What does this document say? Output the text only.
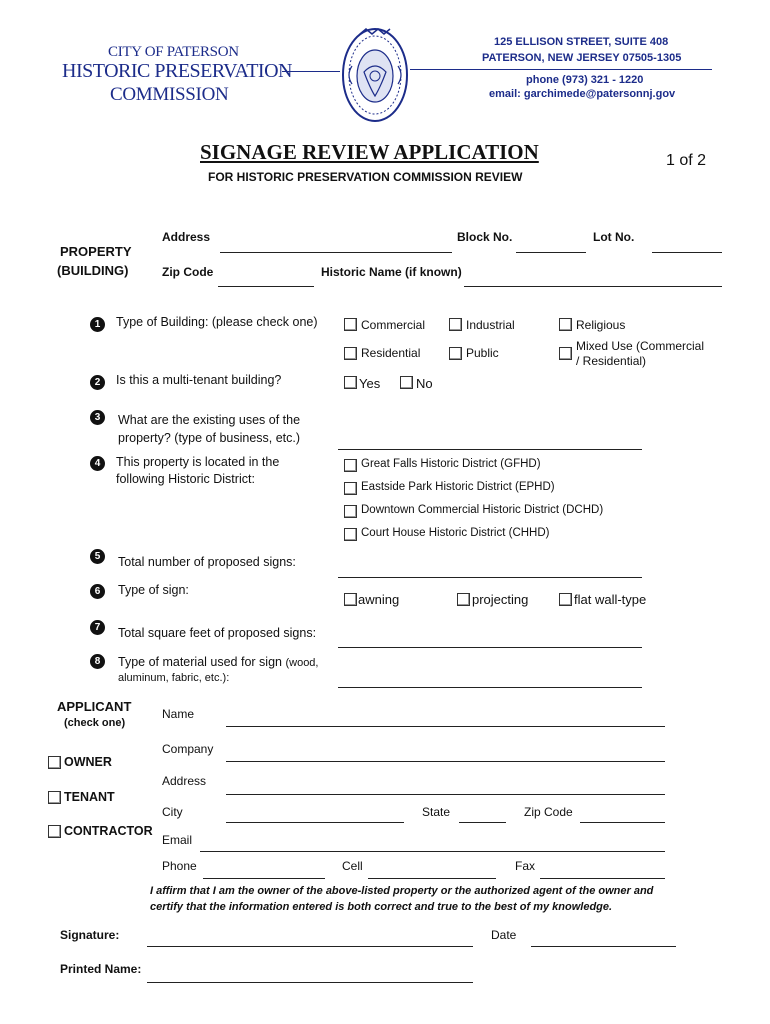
CITY OF PATERSON
HISTORIC PRESERVATION
COMMISSION
125 ELLISON STREET, SUITE 408
PATERSON, NEW JERSEY 07505-1305
phone (973) 321 - 1220
email: garchimede@patersonnj.gov
SIGNAGE REVIEW APPLICATION
FOR HISTORIC PRESERVATION COMMISSION REVIEW
1 of 2
PROPERTY
(BUILDING)
Address	Block No.	Lot No.
Zip Code	Historic Name (if known)
1	Type of Building: (please check one)	Commercial	Industrial	Religious
Residential	Public	Mixed Use (Commercial
/ Residential)
2	Is this a multi-tenant building?	Yes	No
3	What are the existing uses of the
property? (type of business, etc.)
4	This property is located in the
following Historic District:
Great Falls Historic District (GFHD)
Eastside Park Historic District (EPHD)
Downtown Commercial Historic District (DCHD)
Court House Historic District (CHHD)
5	Total number of proposed signs:
6	Type of sign:
awning	projecting	flat wall-type
7	Total square feet of proposed signs:
8	Type of material used for sign (wood,
aluminum, fabric, etc.):
APPLICANT
(check one)
OWNER
TENANT
CONTRACTOR
Name
Company
Address
City	State	Zip Code
Email
Phone	Cell	Fax
I affirm that I am the owner of the above-listed property or the authorized agent of the owner and
certify that the information entered is both correct and true to the best of my knowledge.
Signature:	Date
Printed Name:
